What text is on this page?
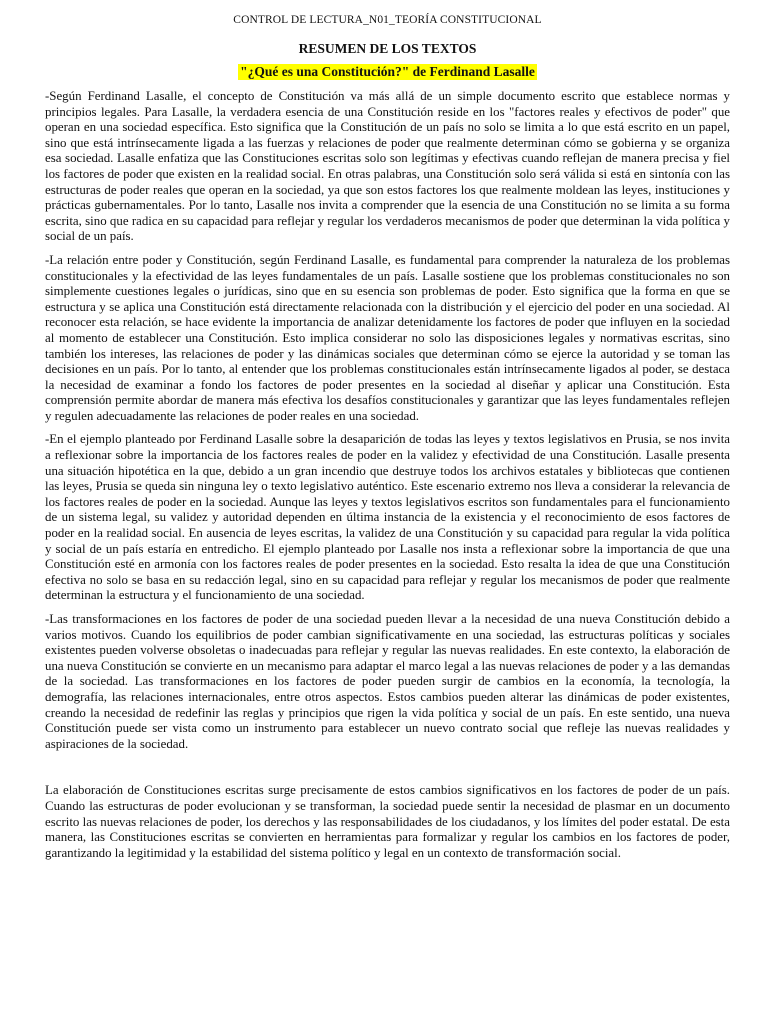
CONTROL DE LECTURA_N01_TEORÍA CONSTITUCIONAL
RESUMEN DE LOS TEXTOS
"¿Qué es una Constitución?" de Ferdinand Lasalle

-Según Ferdinand Lasalle, el concepto de Constitución va más allá de un simple documento escrito que establece normas y principios legales. Para Lasalle, la verdadera esencia de una Constitución reside en los "factores reales y efectivos de poder" que operan en una sociedad específica. Esto significa que la Constitución de un país no solo se limita a lo que está escrito en un papel, sino que está intrínsecamente ligada a las fuerzas y relaciones de poder que realmente determinan cómo se gobierna y se organiza esa sociedad. Lasalle enfatiza que las Constituciones escritas solo son legítimas y efectivas cuando reflejan de manera precisa y fiel los factores de poder que existen en la realidad social. En otras palabras, una Constitución solo será válida si está en sintonía con las estructuras de poder reales que operan en la sociedad, ya que son estos factores los que realmente moldean las leyes, instituciones y prácticas gubernamentales. Por lo tanto, Lasalle nos invita a comprender que la esencia de una Constitución no se limita a su forma escrita, sino que radica en su capacidad para reflejar y regular los verdaderos mecanismos de poder que determinan la vida política y social de un país.

-La relación entre poder y Constitución, según Ferdinand Lasalle, es fundamental para comprender la naturaleza de los problemas constitucionales y la efectividad de las leyes fundamentales de un país. Lasalle sostiene que los problemas constitucionales no son simplemente cuestiones legales o jurídicas, sino que en su esencia son problemas de poder. Esto significa que la forma en que se estructura y se aplica una Constitución está directamente relacionada con la distribución y el ejercicio del poder en una sociedad. Al reconocer esta relación, se hace evidente la importancia de analizar detenidamente los factores de poder que influyen en la sociedad al momento de establecer una Constitución. Esto implica considerar no solo las disposiciones legales y normativas escritas, sino también los intereses, las relaciones de poder y las dinámicas sociales que determinan cómo se ejerce la autoridad y se toman las decisiones en un país. Por lo tanto, al entender que los problemas constitucionales están intrínsecamente ligados al poder, se destaca la necesidad de examinar a fondo los factores de poder presentes en la sociedad al diseñar y aplicar una Constitución. Esta comprensión permite abordar de manera más efectiva los desafíos constitucionales y garantizar que las leyes fundamentales reflejen y regulen adecuadamente las relaciones de poder reales en una sociedad.

-En el ejemplo planteado por Ferdinand Lasalle sobre la desaparición de todas las leyes y textos legislativos en Prusia, se nos invita a reflexionar sobre la importancia de los factores reales de poder en la validez y efectividad de una Constitución. Lasalle presenta una situación hipotética en la que, debido a un gran incendio que destruye todos los archivos estatales y bibliotecas que contienen las leyes, Prusia se queda sin ninguna ley o texto legislativo auténtico. Este escenario extremo nos lleva a considerar la relevancia de los factores reales de poder en la sociedad. Aunque las leyes y textos legislativos escritos son fundamentales para el funcionamiento de un sistema legal, su validez y autoridad dependen en última instancia de la existencia y el reconocimiento de esos factores de poder en la realidad social. En ausencia de leyes escritas, la validez de una Constitución y su capacidad para regular la vida política y social de un país estaría en entredicho. El ejemplo planteado por Lasalle nos insta a reflexionar sobre la importancia de que una Constitución esté en armonía con los factores reales de poder presentes en la sociedad. Esto resalta la idea de que una Constitución efectiva no solo se basa en su redacción legal, sino en su capacidad para reflejar y regular los mecanismos de poder que realmente determinan la estructura y el funcionamiento de una sociedad.

-Las transformaciones en los factores de poder de una sociedad pueden llevar a la necesidad de una nueva Constitución debido a varios motivos. Cuando los equilibrios de poder cambian significativamente en una sociedad, las estructuras políticas y sociales existentes pueden volverse obsoletas o inadecuadas para reflejar y regular las nuevas realidades. En este contexto, la elaboración de una nueva Constitución se convierte en un mecanismo para adaptar el marco legal a las nuevas relaciones de poder y a las demandas de la sociedad. Las transformaciones en los factores de poder pueden surgir de cambios en la economía, la tecnología, la demografía, las relaciones internacionales, entre otros aspectos. Estos cambios pueden alterar las dinámicas de poder existentes, creando la necesidad de redefinir las reglas y principios que rigen la vida política y social de un país. En este sentido, una nueva Constitución puede ser vista como un instrumento para establecer un nuevo contrato social que refleje las nuevas realidades y aspiraciones de la sociedad.

La elaboración de Constituciones escritas surge precisamente de estos cambios significativos en los factores de poder de un país. Cuando las estructuras de poder evolucionan y se transforman, la sociedad puede sentir la necesidad de plasmar en un documento escrito las nuevas relaciones de poder, los derechos y las responsabilidades de los ciudadanos, y los límites del poder estatal. De esta manera, las Constituciones escritas se convierten en herramientas para formalizar y regular los cambios en los factores de poder, garantizando la legitimidad y la estabilidad del sistema político y legal en un contexto de transformación social.
